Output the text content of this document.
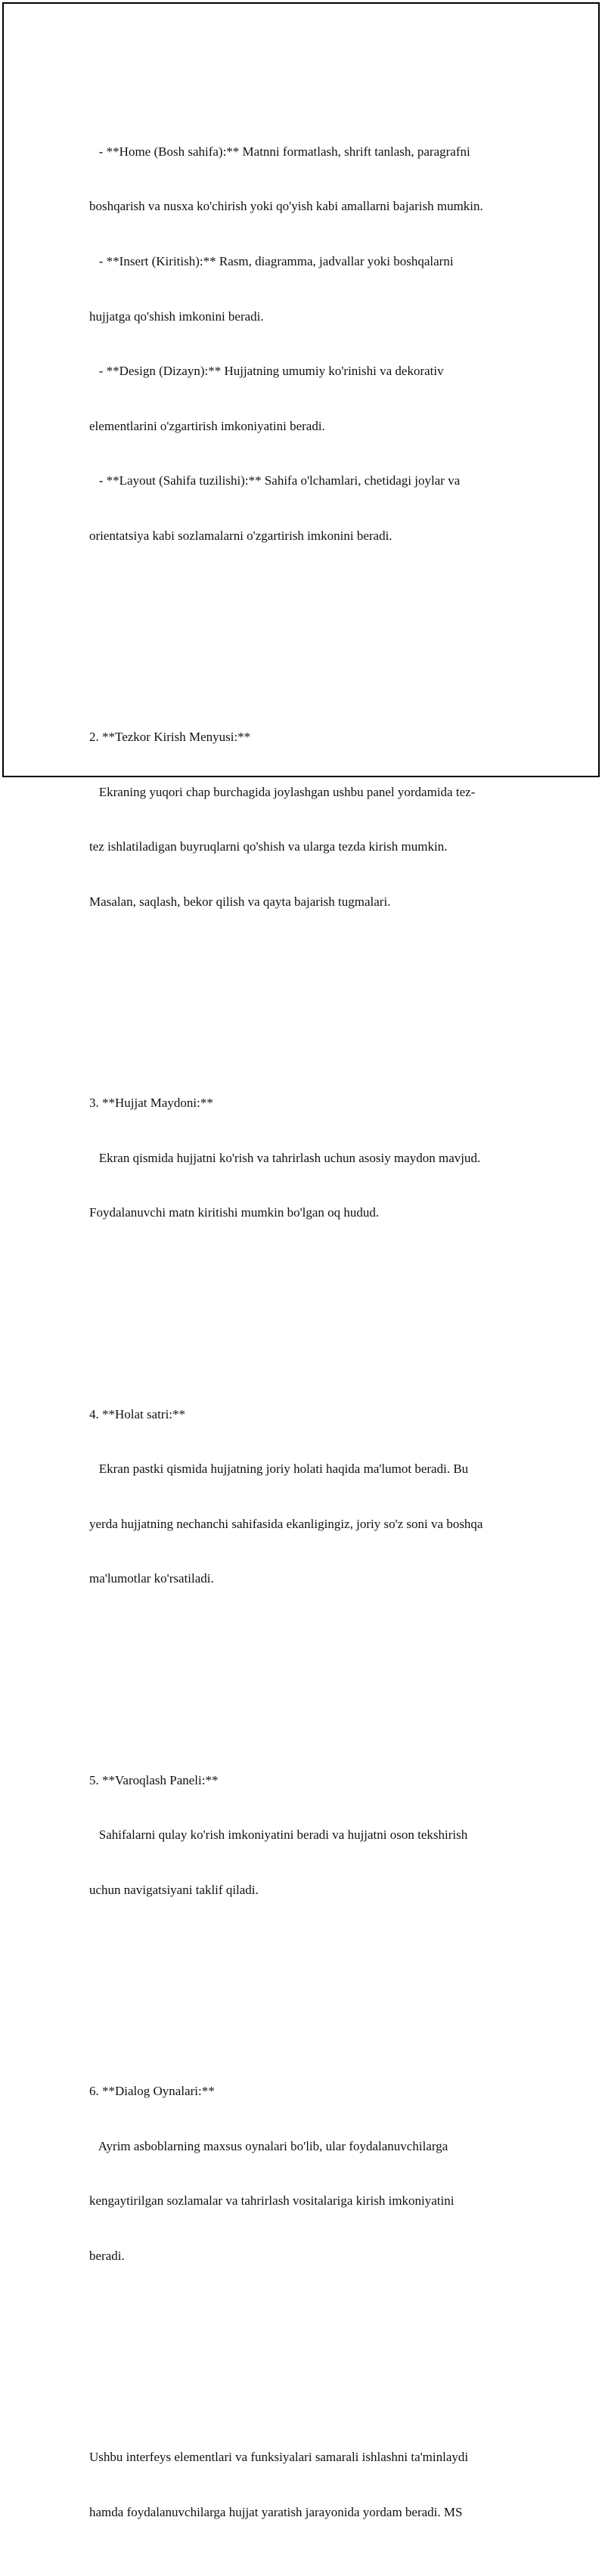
- **Home (Bosh sahifa):** Matnni formatlash, shrift tanlash, paragrafni

boshqarish va nusxa ko'chirish yoki qo'yish kabi amallarni bajarish mumkin.

- **Insert (Kiritish):** Rasm, diagramma, jadvallar yoki boshqalarni

hujjatga qo'shish imkonini beradi.

- **Design (Dizayn):** Hujjatning umumiy ko'rinishi va dekorativ

elementlarini o'zgartirish imkoniyatini beradi.

- **Layout (Sahifa tuzilishi):** Sahifa o'lchamlari, chetidagi joylar va

orientatsiya kabi sozlamalarni o'zgartirish imkonini beradi.

2. **Tezkor Kirish Menyusi:**

Ekraning yuqori chap burchagida joylashgan ushbu panel yordamida tez-

tez ishlatiladigan buyruqlarni qo'shish va ularga tezda kirish mumkin.

Masalan, saqlash, bekor qilish va qayta bajarish tugmalari.

3. **Hujjat Maydoni:**

Ekran qismida hujjatni ko'rish va tahrirlash uchun asosiy maydon mavjud.

Foydalanuvchi matn kiritishi mumkin bo'lgan oq hudud.

4. **Holat satri:**

Ekran pastki qismida hujjatning joriy holati haqida ma'lumot beradi. Bu

yerda hujjatning nechanchi sahifasida ekanligingiz, joriy so'z soni va boshqa

ma'lumotlar ko'rsatiladi.

5. **Varoqlash Paneli:**

Sahifalarni qulay ko'rish imkoniyatini beradi va hujjatni oson tekshirish

uchun navigatsiyani taklif qiladi.

6. **Dialog Oynalari:**

Ayrim asboblarning maxsus oynalari bo'lib, ular foydalanuvchilarga

kengaytirilgan sozlamalar va tahrirlash vositalariga kirish imkoniyatini

beradi.

Ushbu interfeys elementlari va funksiyalari samarali ishlashni ta'minlaydi

hamda foydalanuvchilarga hujjat yaratish jarayonida yordam beradi. MS
